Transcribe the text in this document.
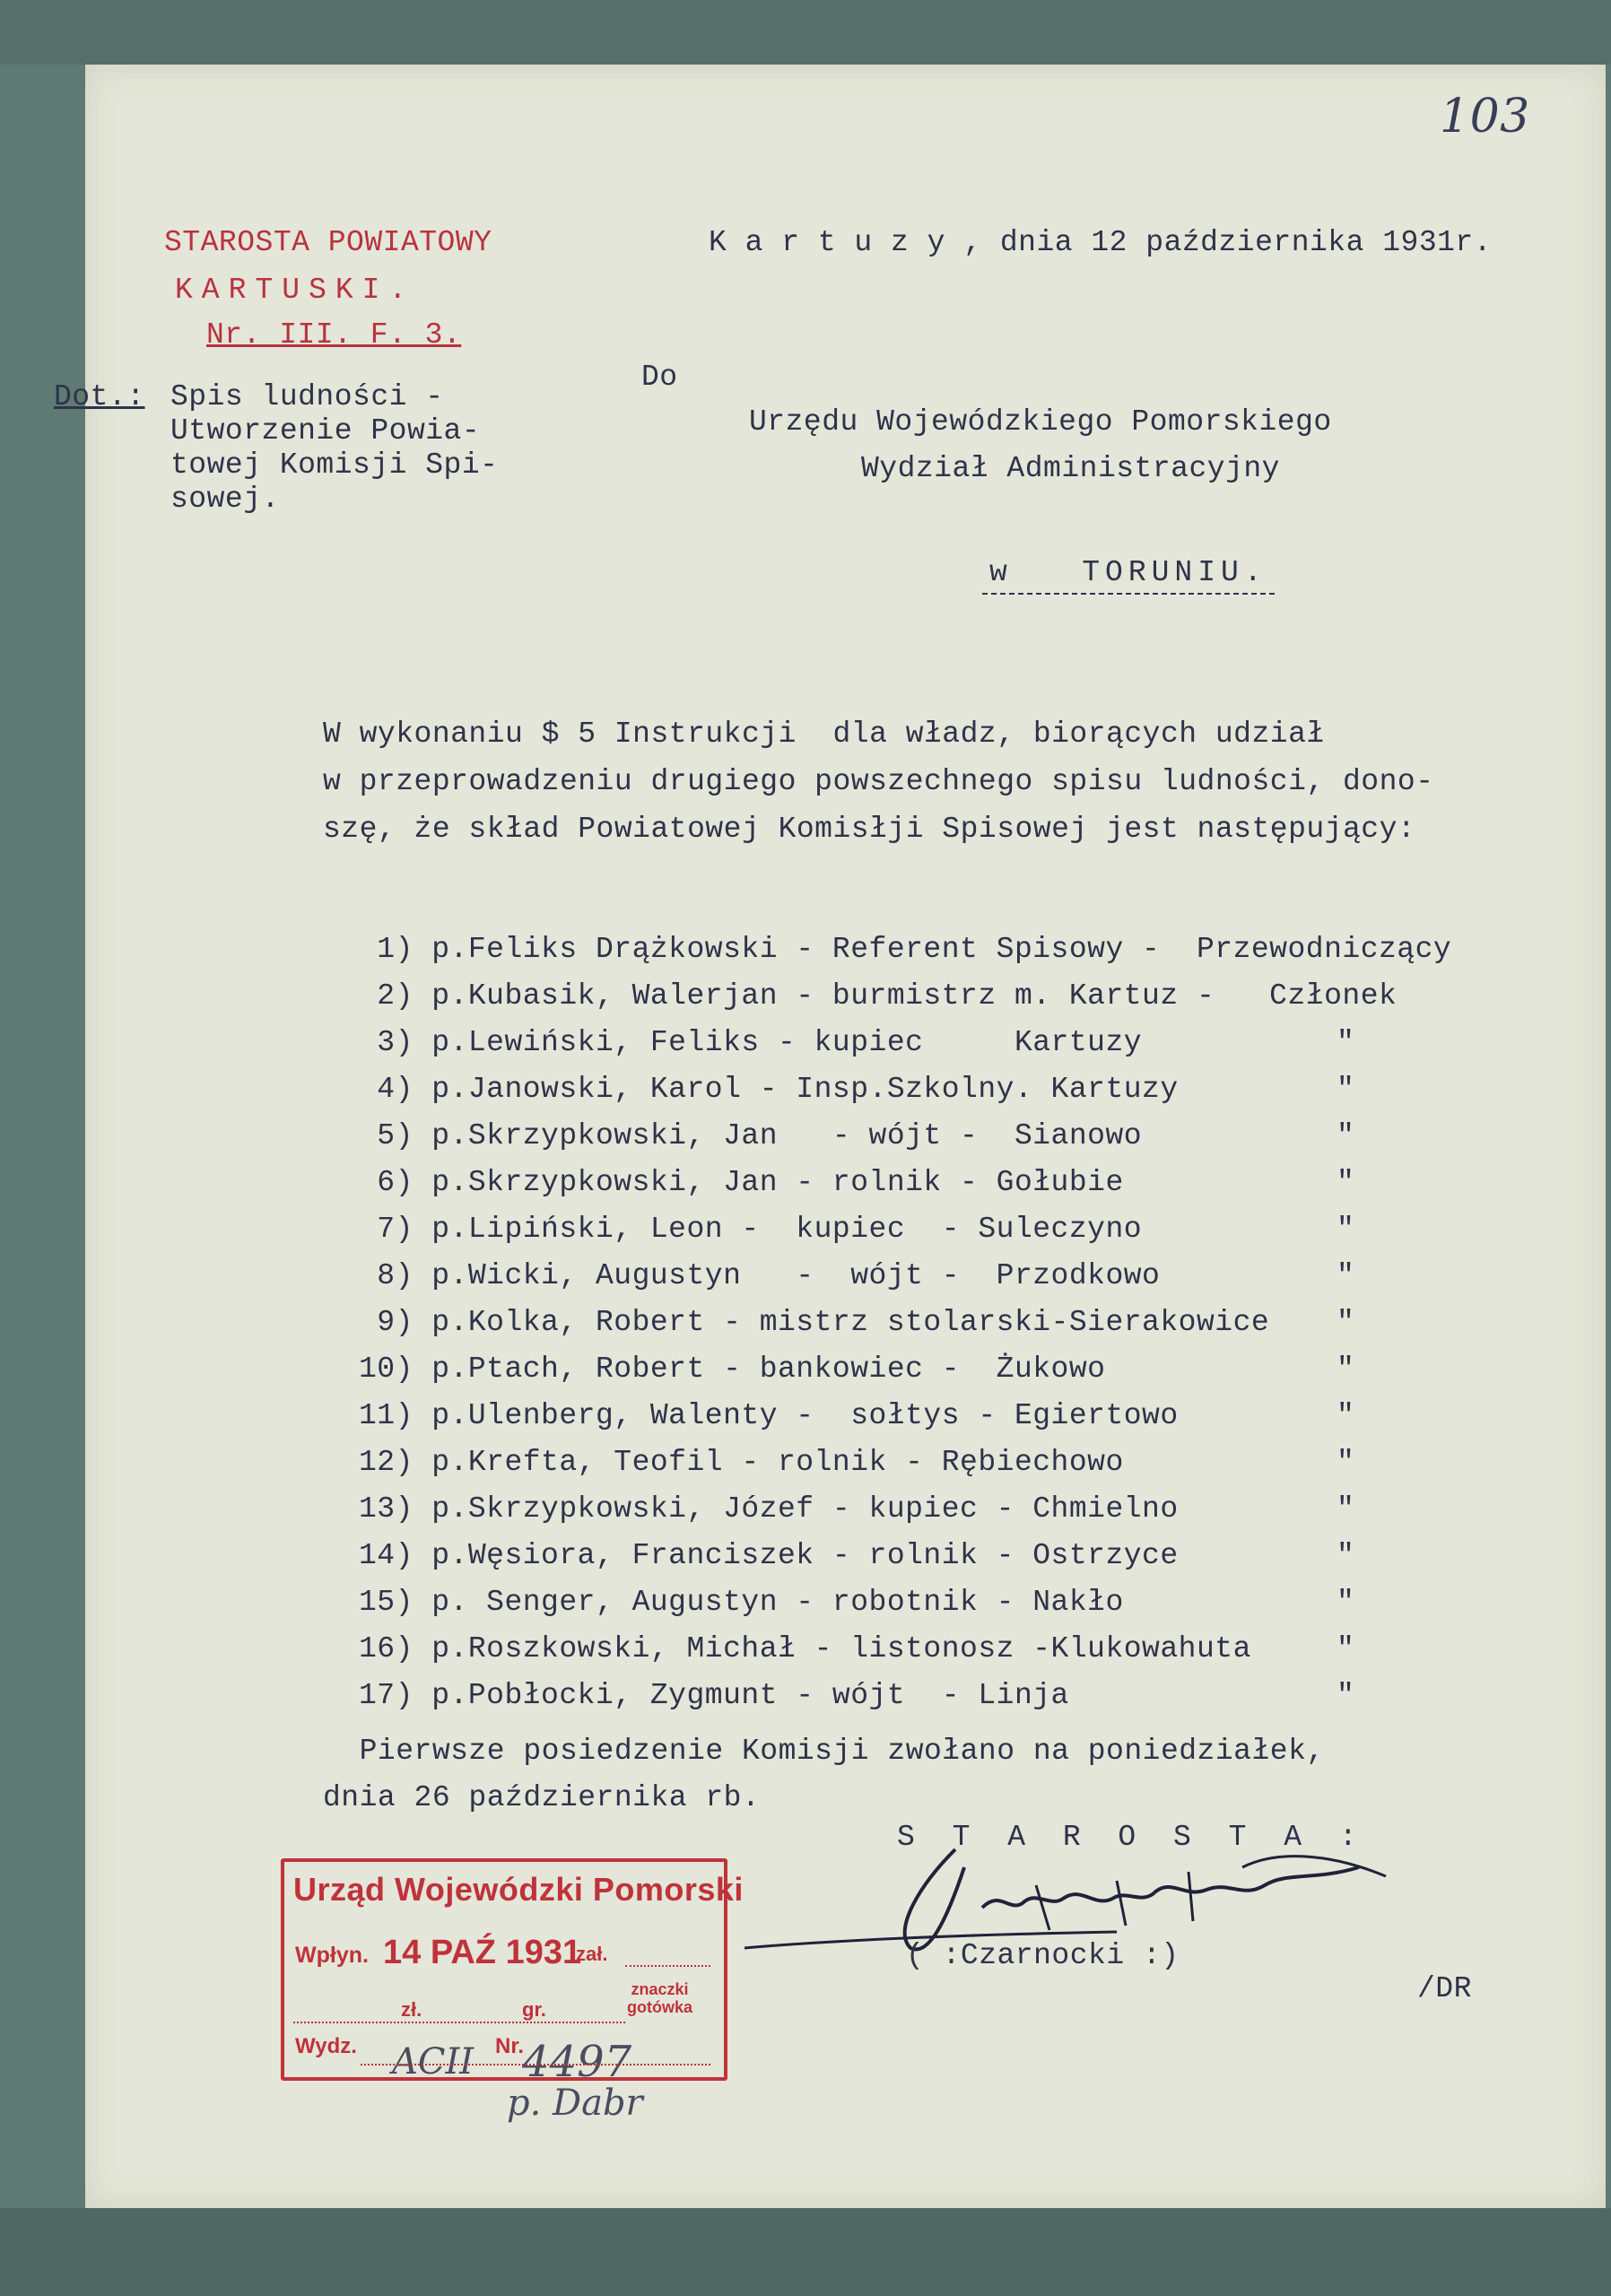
103
STAROSTA POWIATOWY
KARTUSKI.
Nr. III. F. 3.
K a r t u z y , dnia 12 października 1931r.
Do
Dot.: Spis ludności -
Utworzenie Powia-
towej Komisji Spi-
sowej.
Urzędu Wojewódzkiego Pomorskiego
Wydział Administracyjny
w   TORUNIU.
W wykonaniu $ 5 Instrukcji  dla władz, biorących udział
w przeprowadzeniu drugiego powszechnego spisu ludności, dono-
szę, że skład Powiatowej Komisłji Spisowej jest następujący:
1) p.Feliks Drążkowski - Referent Spisowy -  Przewodniczący
2) p.Kubasik, Walerjan - burmistrz m. Kartuz -   Członek
3) p.Lewiński, Feliks - kupiec     Kartuzy	"
4) p.Janowski, Karol - Insp.Szkolny. Kartuzy	"
5) p.Skrzypkowski, Jan   - wójt -  Sianowo	"
6) p.Skrzypkowski, Jan - rolnik - Gołubie	"
7) p.Lipiński, Leon -  kupiec  - Suleczyno	"
8) p.Wicki, Augustyn   -  wójt -  Przodkowo	"
9) p.Kolka, Robert - mistrz stolarski-Sierakowice "
10) p.Ptach, Robert - bankowiec -  Żukowo	"
11) p.Ulenberg, Walenty -  sołtys - Egiertowo	"
12) p.Krefta, Teofil - rolnik - Rębiechowo	"
13) p.Skrzypkowski, Józef - kupiec - Chmielno	"
14) p.Węsiora, Franciszek - rolnik - Ostrzyce	"
15) p. Senger, Augustyn - robotnik - Nakło	"
16) p.Roszkowski, Michał - listonosz -Klukowahuta	"
17) p.Pobłocki, Zygmunt - wójt  - Linja	"
Pierwsze posiedzenie Komisji zwołano na poniedziałek,
dnia 26 października rb.
S T A R O S T A :
( :Czarnocki :)
/DR
Urząd Wojewódzki Pomorski
Wpłyn. 14 PAŹ 1931
zał.
zł.	gr.
znaczki
gotówka
Wydz. ACII Nr.
4497
p. Dabr
